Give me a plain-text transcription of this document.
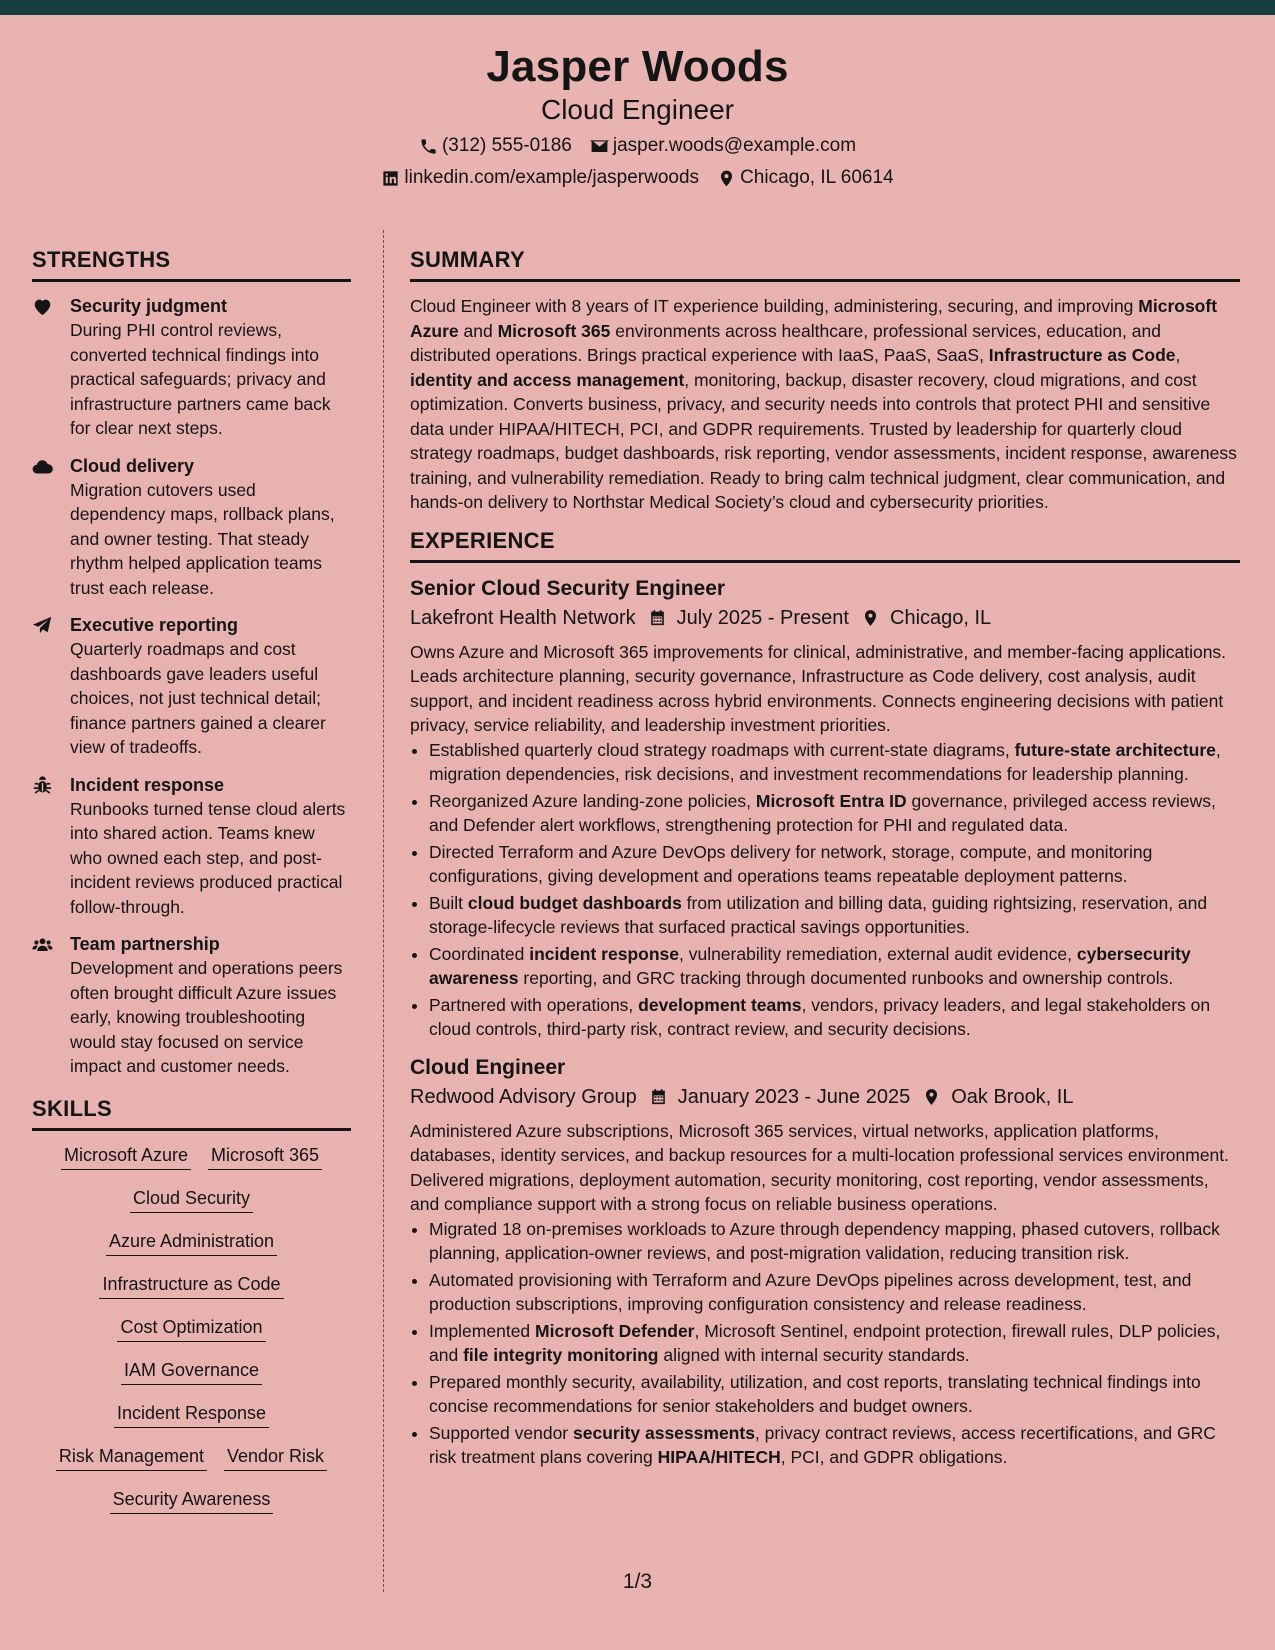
Jasper Woods
Cloud Engineer
(312) 555-0186 jasper.woods@example.com
linkedin.com/example/jasperwoods Chicago, IL 60614
STRENGTHS
Security judgment
During PHI control reviews, converted technical findings into practical safeguards; privacy and infrastructure partners came back for clear next steps.
Cloud delivery
Migration cutovers used dependency maps, rollback plans, and owner testing. That steady rhythm helped application teams trust each release.
Executive reporting
Quarterly roadmaps and cost dashboards gave leaders useful choices, not just technical detail; finance partners gained a clearer view of tradeoffs.
Incident response
Runbooks turned tense cloud alerts into shared action. Teams knew who owned each step, and post-incident reviews produced practical follow-through.
Team partnership
Development and operations peers often brought difficult Azure issues early, knowing troubleshooting would stay focused on service impact and customer needs.
SKILLS
Microsoft Azure Microsoft 365
Cloud Security
Azure Administration
Infrastructure as Code
Cost Optimization
IAM Governance
Incident Response
Risk Management Vendor Risk
Security Awareness
SUMMARY
Cloud Engineer with 8 years of IT experience building, administering, securing, and improving Microsoft Azure and Microsoft 365 environments across healthcare, professional services, education, and distributed operations. Brings practical experience with IaaS, PaaS, SaaS, Infrastructure as Code, identity and access management, monitoring, backup, disaster recovery, cloud migrations, and cost optimization. Converts business, privacy, and security needs into controls that protect PHI and sensitive data under HIPAA/HITECH, PCI, and GDPR requirements. Trusted by leadership for quarterly cloud strategy roadmaps, budget dashboards, risk reporting, vendor assessments, incident response, awareness training, and vulnerability remediation. Ready to bring calm technical judgment, clear communication, and hands-on delivery to Northstar Medical Society’s cloud and cybersecurity priorities.
EXPERIENCE
Senior Cloud Security Engineer
Lakefront Health Network July 2025 - Present Chicago, IL
Owns Azure and Microsoft 365 improvements for clinical, administrative, and member-facing applications. Leads architecture planning, security governance, Infrastructure as Code delivery, cost analysis, audit support, and incident readiness across hybrid environments. Connects engineering decisions with patient privacy, service reliability, and leadership investment priorities.
• Established quarterly cloud strategy roadmaps with current-state diagrams, future-state architecture, migration dependencies, risk decisions, and investment recommendations for leadership planning.
• Reorganized Azure landing-zone policies, Microsoft Entra ID governance, privileged access reviews, and Defender alert workflows, strengthening protection for PHI and regulated data.
• Directed Terraform and Azure DevOps delivery for network, storage, compute, and monitoring configurations, giving development and operations teams repeatable deployment patterns.
• Built cloud budget dashboards from utilization and billing data, guiding rightsizing, reservation, and storage-lifecycle reviews that surfaced practical savings opportunities.
• Coordinated incident response, vulnerability remediation, external audit evidence, cybersecurity awareness reporting, and GRC tracking through documented runbooks and ownership controls.
• Partnered with operations, development teams, vendors, privacy leaders, and legal stakeholders on cloud controls, third-party risk, contract review, and security decisions.
Cloud Engineer
Redwood Advisory Group January 2023 - June 2025 Oak Brook, IL
Administered Azure subscriptions, Microsoft 365 services, virtual networks, application platforms, databases, identity services, and backup resources for a multi-location professional services environment. Delivered migrations, deployment automation, security monitoring, cost reporting, vendor assessments, and compliance support with a strong focus on reliable business operations.
• Migrated 18 on-premises workloads to Azure through dependency mapping, phased cutovers, rollback planning, application-owner reviews, and post-migration validation, reducing transition risk.
• Automated provisioning with Terraform and Azure DevOps pipelines across development, test, and production subscriptions, improving configuration consistency and release readiness.
• Implemented Microsoft Defender, Microsoft Sentinel, endpoint protection, firewall rules, DLP policies, and file integrity monitoring aligned with internal security standards.
• Prepared monthly security, availability, utilization, and cost reports, translating technical findings into concise recommendations for senior stakeholders and budget owners.
• Supported vendor security assessments, privacy contract reviews, access recertifications, and GRC risk treatment plans covering HIPAA/HITECH, PCI, and GDPR obligations.
1/3
